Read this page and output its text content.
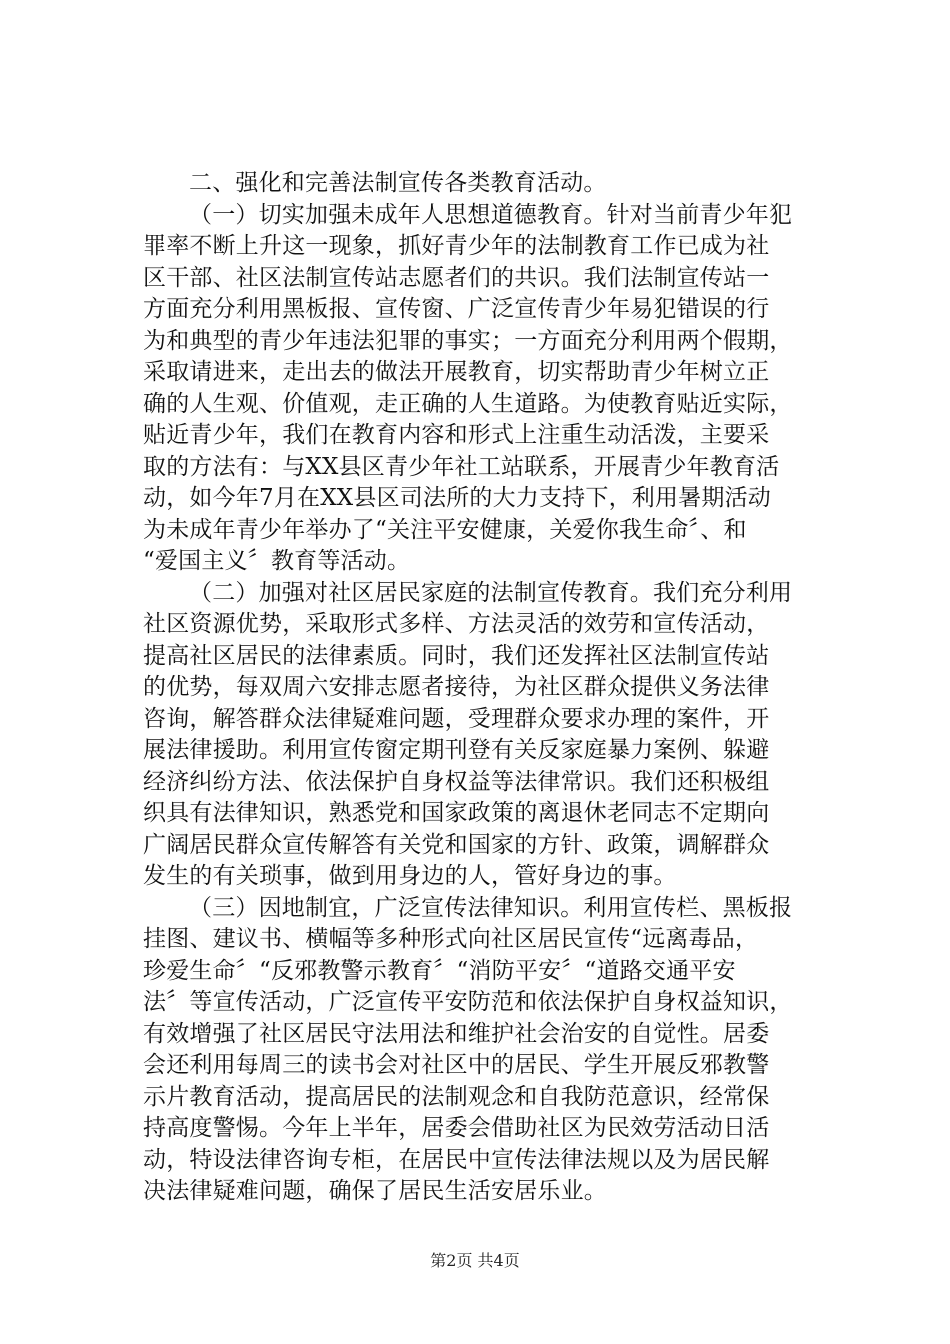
二、强化和完善法制宣传各类教育活动。
（一）切实加强未成年人思想道德教育。针对当前青少年犯
罪率不断上升这一现象，抓好青少年的法制教育工作已成为社
区干部、社区法制宣传站志愿者们的共识。我们法制宣传站一
方面充分利用黑板报、宣传窗、广泛宣传青少年易犯错误的行
为和典型的青少年违法犯罪的事实；一方面充分利用两个假期，
采取请进来，走出去的做法开展教育，切实帮助青少年树立正
确的人生观、价值观，走正确的人生道路。为使教育贴近实际，
贴近青少年，我们在教育内容和形式上注重生动活泼，主要采
取的方法有：与XX县区青少年社工站联系，开展青少年教育活
动，如今年7月在XX县区司法所的大力支持下，利用暑期活动
为未成年青少年举办了“关注平安健康，关爱你我生命〞、和
“爱国主义〞教育等活动。
（二）加强对社区居民家庭的法制宣传教育。我们充分利用
社区资源优势，采取形式多样、方法灵活的效劳和宣传活动，
提高社区居民的法律素质。同时，我们还发挥社区法制宣传站
的优势，每双周六安排志愿者接待，为社区群众提供义务法律
咨询，解答群众法律疑难问题，受理群众要求办理的案件，开
展法律援助。利用宣传窗定期刊登有关反家庭暴力案例、躲避
经济纠纷方法、依法保护自身权益等法律常识。我们还积极组
织具有法律知识，熟悉党和国家政策的离退休老同志不定期向
广阔居民群众宣传解答有关党和国家的方针、政策，调解群众
发生的有关琐事，做到用身边的人，管好身边的事。
（三）因地制宜，广泛宣传法律知识。利用宣传栏、黑板报
挂图、建议书、横幅等多种形式向社区居民宣传“远离毒品，
珍爱生命〞“反邪教警示教育〞“消防平安〞“道路交通平安
法〞等宣传活动，广泛宣传平安防范和依法保护自身权益知识，
有效增强了社区居民守法用法和维护社会治安的自觉性。居委
会还利用每周三的读书会对社区中的居民、学生开展反邪教警
示片教育活动，提高居民的法制观念和自我防范意识，经常保
持高度警惕。今年上半年，居委会借助社区为民效劳活动日活
动，特设法律咨询专柜，在居民中宣传法律法规以及为居民解
决法律疑难问题，确保了居民生活安居乐业。
第2页 共4页
